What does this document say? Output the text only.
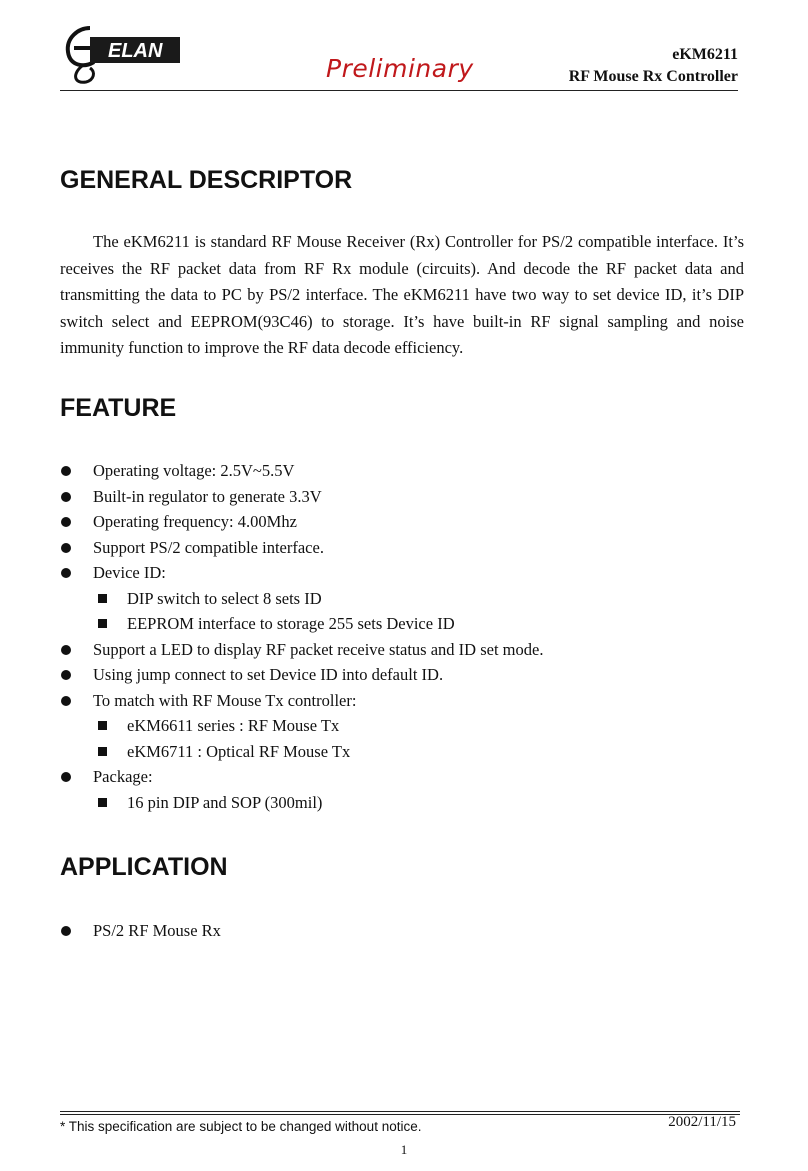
ELAN
Preliminary	eKM6211
RF Mouse Rx Controller
GENERAL DESCRIPTOR

The eKM6211 is standard RF Mouse Receiver (Rx) Controller for PS/2 compatible interface. It’s receives the RF packet data from RF Rx module (circuits). And decode the RF packet data and transmitting the data to PC by PS/2 interface. The eKM6211 have two way to set device ID, it’s DIP switch select and EEPROM(93C46) to storage. It’s have built-in RF signal sampling and noise immunity function to improve the RF data decode efficiency.

FEATURE
Operating voltage: 2.5V~5.5V
Built-in regulator to generate 3.3V
Operating frequency: 4.00Mhz
Support PS/2 compatible interface.
Device ID:
DIP switch to select 8 sets ID
EEPROM interface to storage 255 sets Device ID
Support a LED to display RF packet receive status and ID set mode.
Using jump connect to set Device ID into default ID.
To match with RF Mouse Tx controller:
eKM6611 series : RF Mouse Tx
eKM6711 : Optical RF Mouse Tx
Package:
16 pin DIP and SOP (300mil)
APPLICATION
PS/2 RF Mouse Rx
* This specification are subject to be changed without notice.	2002/11/15
1
